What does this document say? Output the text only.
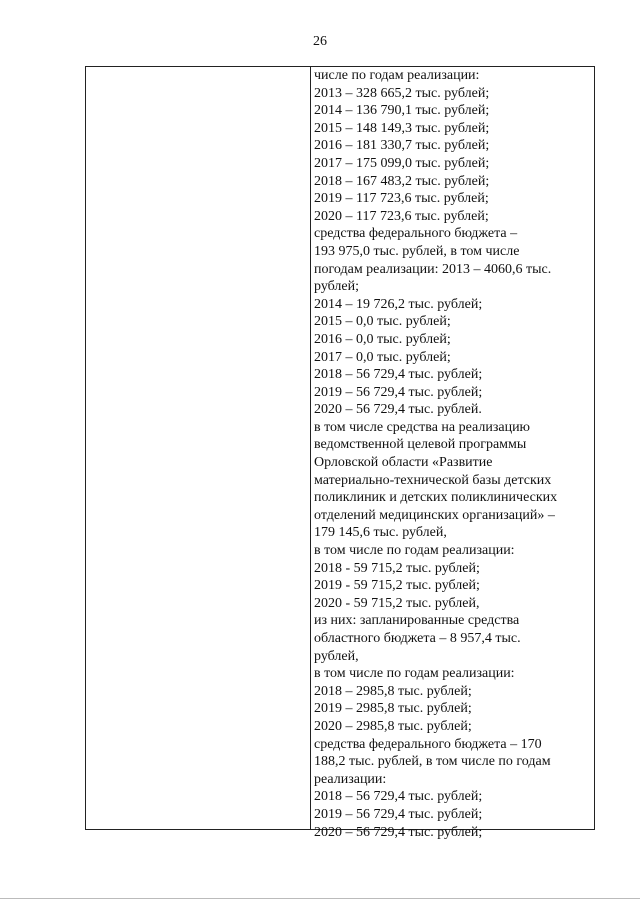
26
числе по годам реализации:
2013 – 328 665,2 тыс. рублей;
2014 – 136 790,1 тыс. рублей;
2015 – 148 149,3 тыс. рублей;
2016 – 181 330,7 тыс. рублей;
2017 – 175 099,0 тыс. рублей;
2018 – 167 483,2 тыс. рублей;
2019 – 117 723,6 тыс. рублей;
2020 – 117 723,6 тыс. рублей;
средства федерального бюджета –
193 975,0 тыс. рублей, в том числе
погодам реализации: 2013 – 4060,6 тыс.
рублей;
2014 – 19 726,2 тыс. рублей;
2015 – 0,0 тыс. рублей;
2016 – 0,0 тыс. рублей;
2017 – 0,0 тыс. рублей;
2018 – 56 729,4 тыс. рублей;
2019 – 56 729,4 тыс. рублей;
2020 – 56 729,4 тыс. рублей.
в том числе средства на реализацию
ведомственной целевой программы
Орловской области «Развитие
материально-технической базы детских
поликлиник и детских поликлинических
отделений медицинских организаций» –
179 145,6 тыс. рублей,
в том числе по годам реализации:
2018 - 59 715,2 тыс. рублей;
2019 - 59 715,2 тыс. рублей;
2020 - 59 715,2 тыс. рублей,
из них: запланированные средства
областного бюджета – 8 957,4 тыс.
рублей,
в том числе по годам реализации:
2018 – 2985,8 тыс. рублей;
2019 – 2985,8 тыс. рублей;
2020 – 2985,8 тыс. рублей;
средства федерального бюджета – 170
188,2 тыс. рублей, в том числе по годам
реализации:
2018 – 56 729,4 тыс. рублей;
2019 – 56 729,4 тыс. рублей;
2020 – 56 729,4 тыс. рублей;
